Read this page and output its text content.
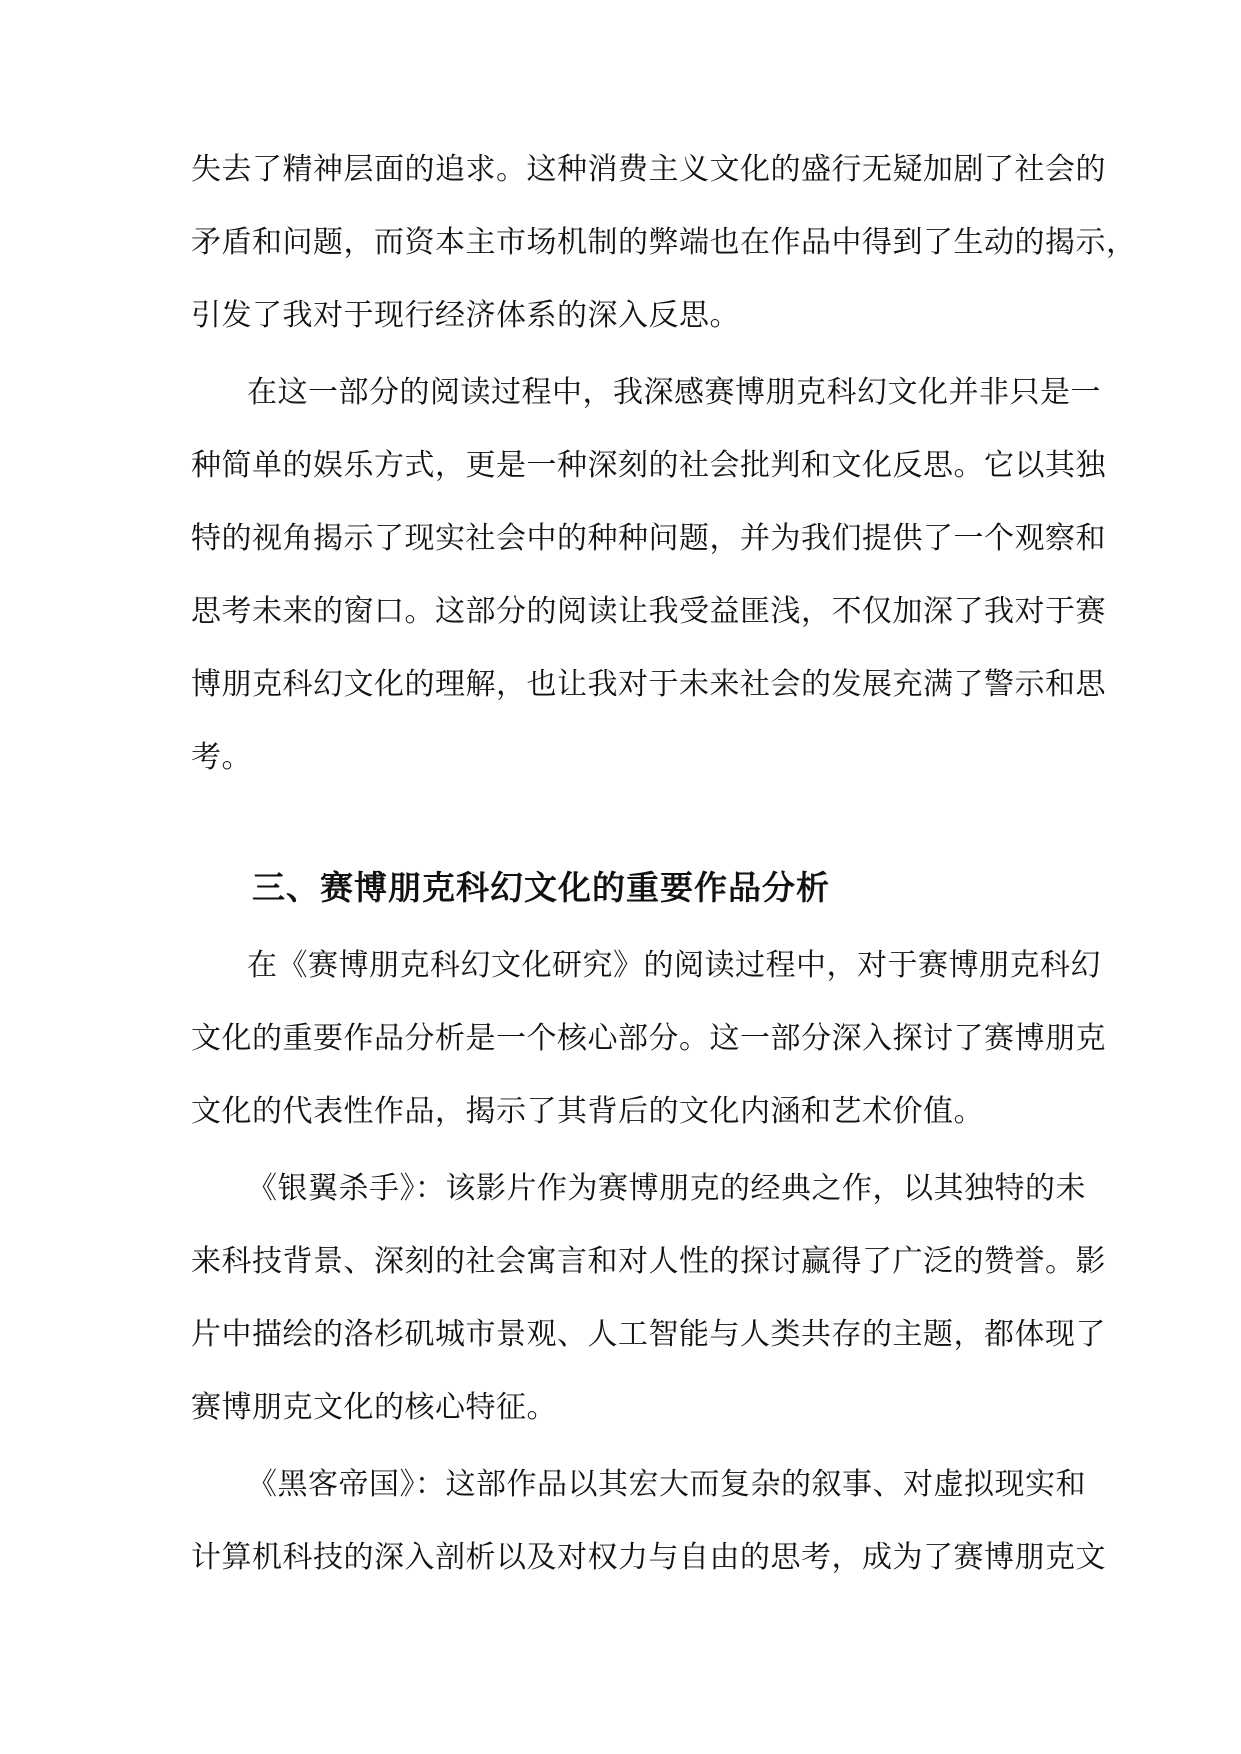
失去了精神层面的追求。这种消费主义文化的盛行无疑加剧了社会的
矛盾和问题，而资本主市场机制的弊端也在作品中得到了生动的揭示，
引发了我对于现行经济体系的深入反思。
在这一部分的阅读过程中，我深感赛博朋克科幻文化并非只是一
种简单的娱乐方式，更是一种深刻的社会批判和文化反思。它以其独
特的视角揭示了现实社会中的种种问题，并为我们提供了一个观察和
思考未来的窗口。这部分的阅读让我受益匪浅，不仅加深了我对于赛
博朋克科幻文化的理解，也让我对于未来社会的发展充满了警示和思
考。
三、赛博朋克科幻文化的重要作品分析
在《赛博朋克科幻文化研究》的阅读过程中，对于赛博朋克科幻
文化的重要作品分析是一个核心部分。这一部分深入探讨了赛博朋克
文化的代表性作品，揭示了其背后的文化内涵和艺术价值。
《银翼杀手》：该影片作为赛博朋克的经典之作，以其独特的未
来科技背景、深刻的社会寓言和对人性的探讨赢得了广泛的赞誉。影
片中描绘的洛杉矶城市景观、人工智能与人类共存的主题，都体现了
赛博朋克文化的核心特征。
《黑客帝国》：这部作品以其宏大而复杂的叙事、对虚拟现实和
计算机科技的深入剖析以及对权力与自由的思考，成为了赛博朋克文
